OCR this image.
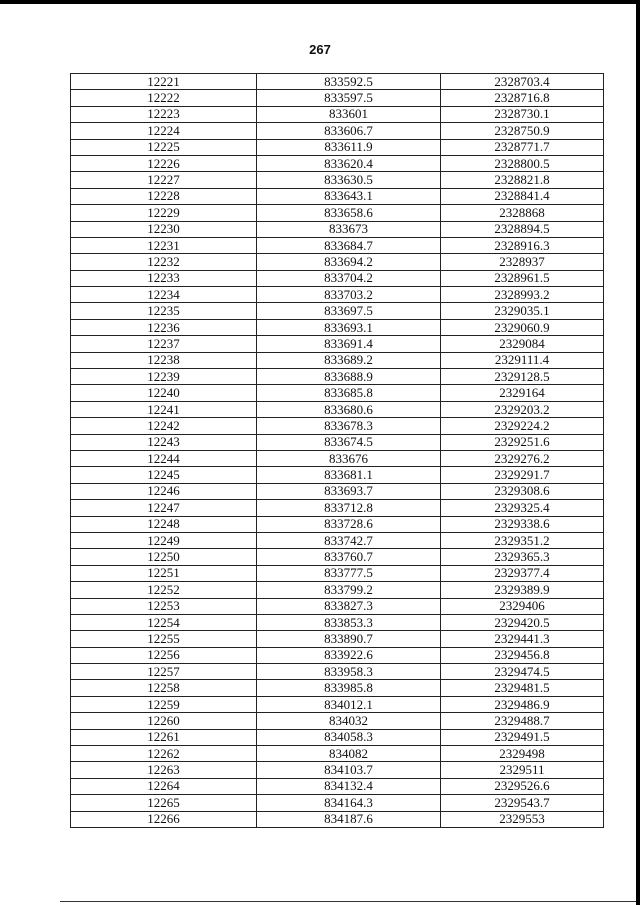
267
12221	833592.5	2328703.4
12222	833597.5	2328716.8
12223	833601	2328730.1
12224	833606.7	2328750.9
12225	833611.9	2328771.7
12226	833620.4	2328800.5
12227	833630.5	2328821.8
12228	833643.1	2328841.4
12229	833658.6	2328868
12230	833673	2328894.5
12231	833684.7	2328916.3
12232	833694.2	2328937
12233	833704.2	2328961.5
12234	833703.2	2328993.2
12235	833697.5	2329035.1
12236	833693.1	2329060.9
12237	833691.4	2329084
12238	833689.2	2329111.4
12239	833688.9	2329128.5
12240	833685.8	2329164
12241	833680.6	2329203.2
12242	833678.3	2329224.2
12243	833674.5	2329251.6
12244	833676	2329276.2
12245	833681.1	2329291.7
12246	833693.7	2329308.6
12247	833712.8	2329325.4
12248	833728.6	2329338.6
12249	833742.7	2329351.2
12250	833760.7	2329365.3
12251	833777.5	2329377.4
12252	833799.2	2329389.9
12253	833827.3	2329406
12254	833853.3	2329420.5
12255	833890.7	2329441.3
12256	833922.6	2329456.8
12257	833958.3	2329474.5
12258	833985.8	2329481.5
12259	834012.1	2329486.9
12260	834032	2329488.7
12261	834058.3	2329491.5
12262	834082	2329498
12263	834103.7	2329511
12264	834132.4	2329526.6
12265	834164.3	2329543.7
12266	834187.6	2329553
